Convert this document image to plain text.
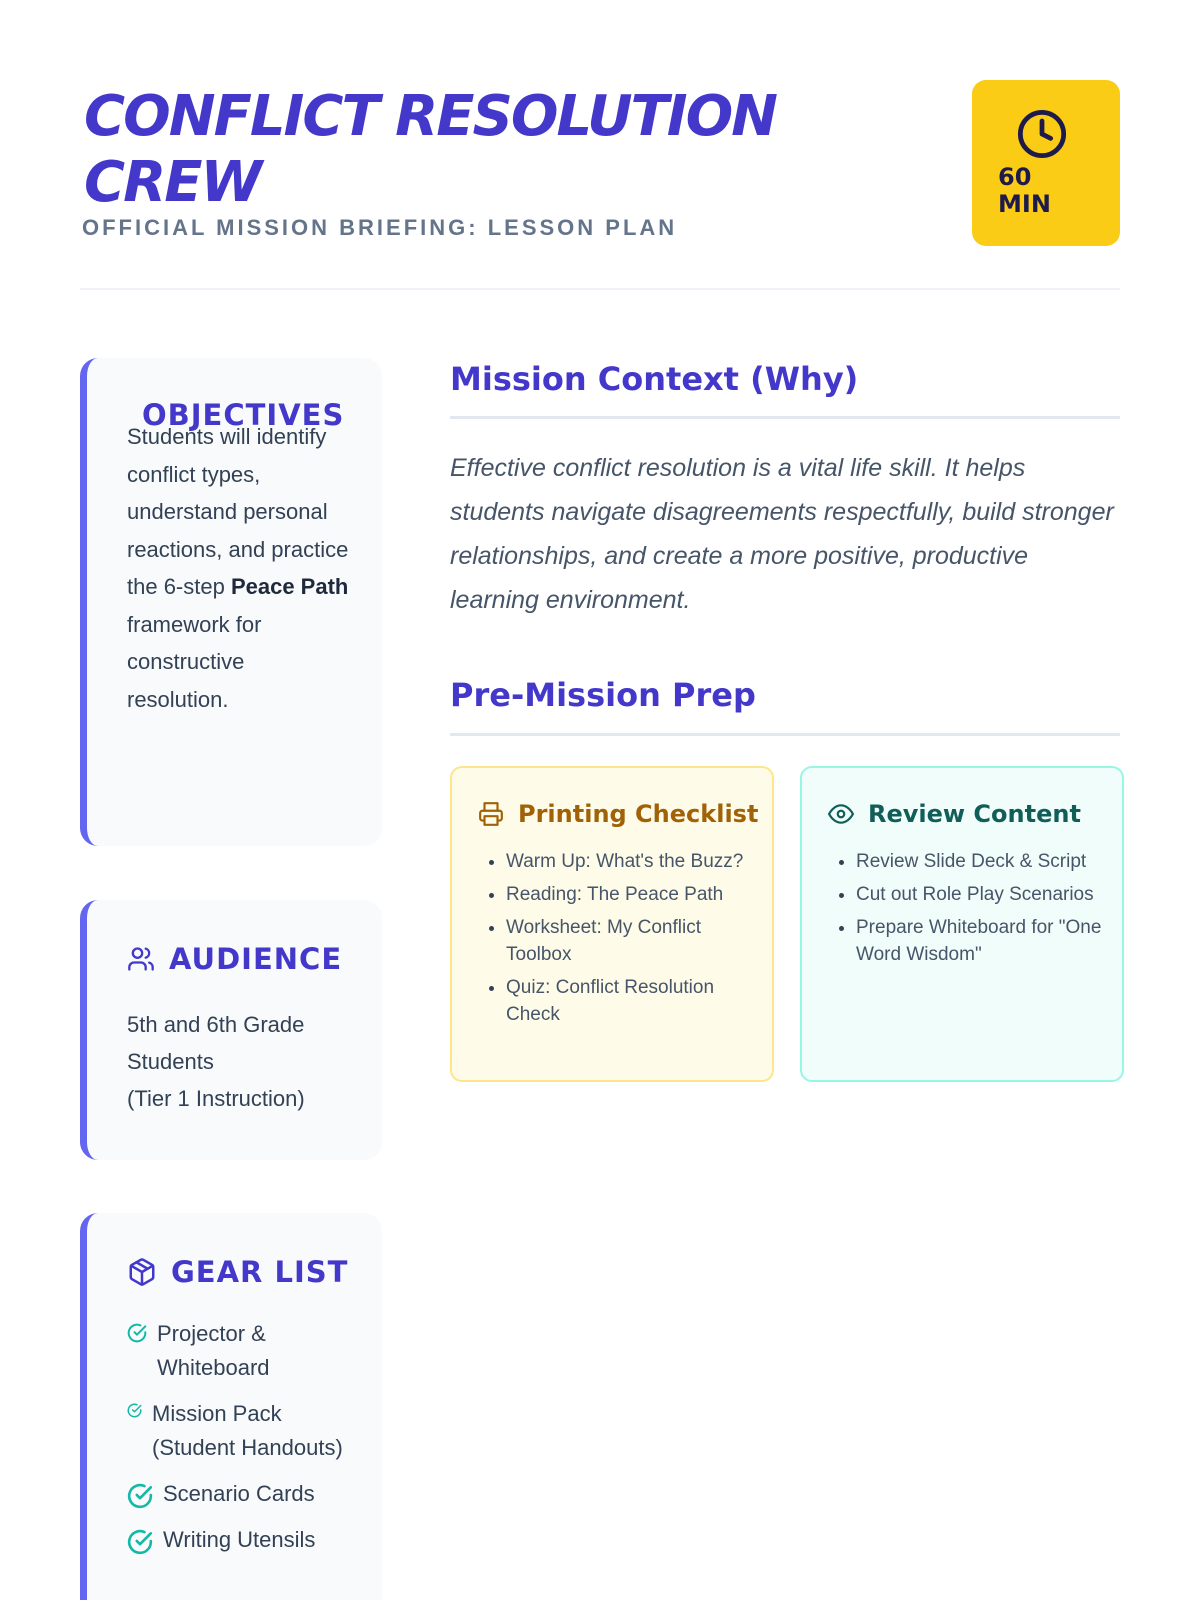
CONFLICT RESOLUTION CREW
OFFICIAL MISSION BRIEFING: LESSON PLAN
60 MIN
OBJECTIVES

Students will identify conflict types, understand personal reactions, and practice the 6-step Peace Path framework for constructive resolution.

AUDIENCE
5th and 6th Grade Students
(Tier 1 Instruction)
GEAR LIST
Projector & Whiteboard
Mission Pack (Student Handouts)
Scenario Cards
Writing Utensils
Mission Context (Why)

Effective conflict resolution is a vital life skill. It helps students navigate disagreements respectfully, build stronger relationships, and create a more positive, productive learning environment.

Pre-Mission Prep
Printing Checklist
• Warm Up: What's the Buzz?
• Reading: The Peace Path
• Worksheet: My Conflict Toolbox
• Quiz: Conflict Resolution Check
Review Content
• Review Slide Deck & Script
• Cut out Role Play Scenarios
• Prepare Whiteboard for "One Word Wisdom"
